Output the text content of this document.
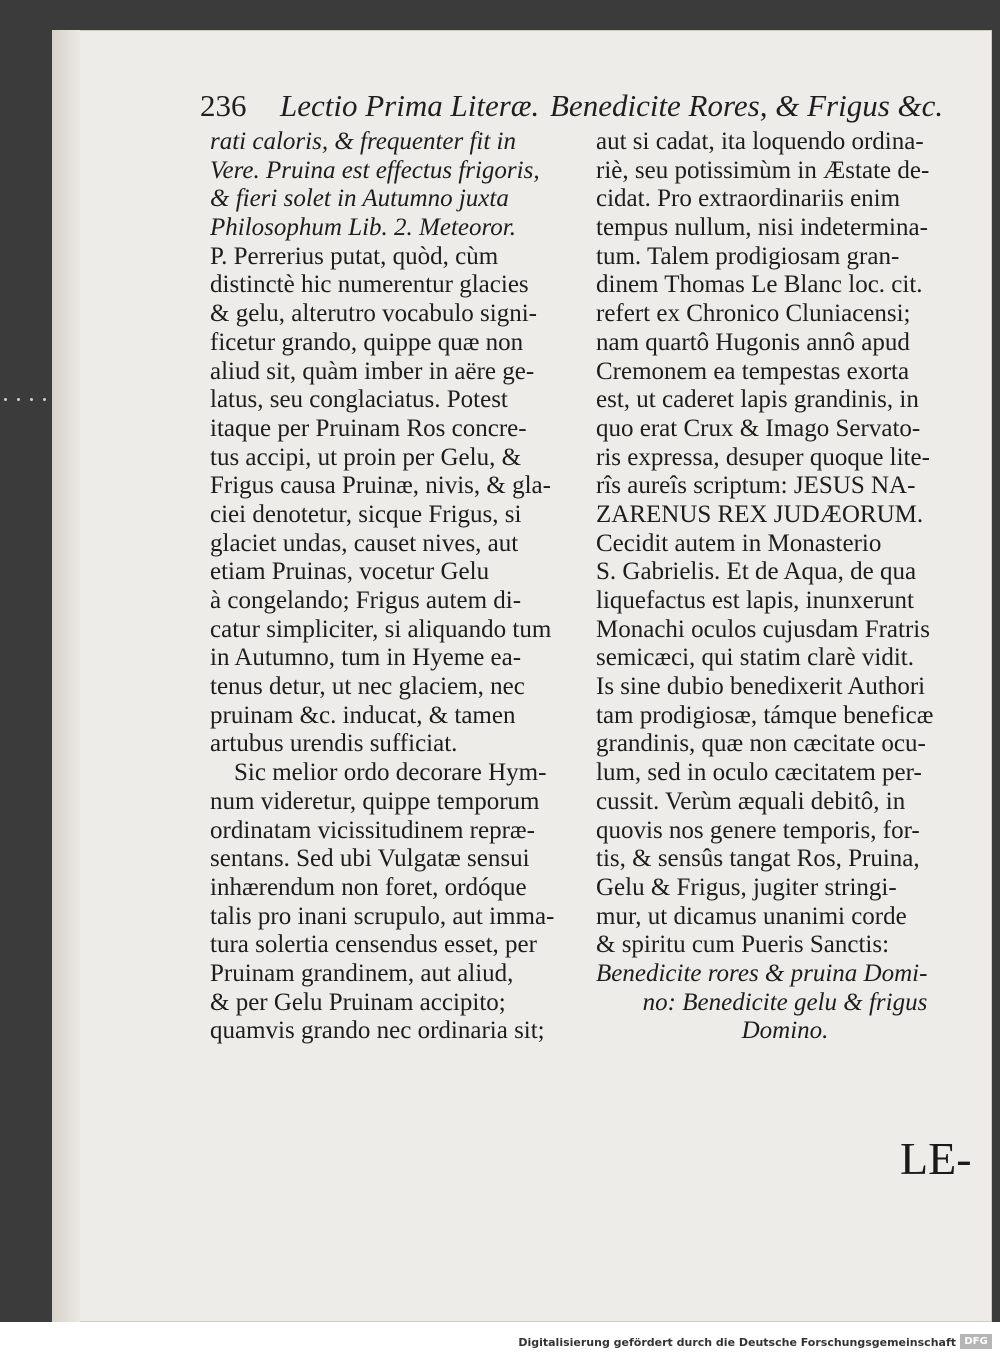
236 Lectio Prima Literæ. Benedicite Rores, & Frigus &c.
rati caloris, & frequenter fit in
Vere. Pruina est effectus frigoris,
& fieri solet in Autumno juxta
Philosophum Lib. 2. Meteoror.
P. Perrerius putat, quòd, cùm
distinctè hic numerentur glacies
& gelu, alterutro vocabulo signi-
ficetur grando, quippe quæ non
aliud sit, quàm imber in aëre ge-
latus, seu conglaciatus. Potest
itaque per Pruinam Ros concre-
tus accipi, ut proin per Gelu, &
Frigus causa Pruinæ, nivis, & gla-
ciei denotetur, sicque Frigus, si
glaciet undas, causet nives, aut
etiam Pruinas, vocetur Gelu
à congelando; Frigus autem di-
catur simpliciter, si aliquando tum
in Autumno, tum in Hyeme ea-
tenus detur, ut nec glaciem, nec
pruinam &c. inducat, & tamen
artubus urendis sufficiat.
Sic melior ordo decorare Hym-
num videretur, quippe temporum
ordinatam vicissitudinem repræ-
sentans. Sed ubi Vulgatæ sensui
inhærendum non foret, ordóque
talis pro inani scrupulo, aut imma-
tura solertia censendus esset, per
Pruinam grandinem, aut aliud,
& per Gelu Pruinam accipito;
quamvis grando nec ordinaria sit;
aut si cadat, ita loquendo ordina-
riè, seu potissimùm in Æstate de-
cidat. Pro extraordinariis enim
tempus nullum, nisi indetermina-
tum. Talem prodigiosam gran-
dinem Thomas Le Blanc loc. cit.
refert ex Chronico Cluniacensi;
nam quartô Hugonis annô apud
Cremonem ea tempestas exorta
est, ut caderet lapis grandinis, in
quo erat Crux & Imago Servato-
ris expressa, desuper quoque lite-
rîs aureîs scriptum: JESUS NA-
ZARENUS REX JUDÆORUM.
Cecidit autem in Monasterio
S. Gabrielis. Et de Aqua, de qua
liquefactus est lapis, inunxerunt
Monachi oculos cujusdam Fratris
semicæci, qui statim clarè vidit.
Is sine dubio benedixerit Authori
tam prodigiosæ, támque beneficæ
grandinis, quæ non cæcitate ocu-
lum, sed in oculo cæcitatem per-
cussit. Verùm æquali debitô, in
quovis nos genere temporis, for-
tis, & sensûs tangat Ros, Pruina,
Gelu & Frigus, jugiter stringi-
mur, ut dicamus unanimi corde
& spiritu cum Pueris Sanctis:
Benedicite rores & pruina Domi-
no: Benedicite gelu & frigus
Domino.
LE-
Digitalisierung gefördert durch die Deutsche Forschungsgemeinschaft DFG
